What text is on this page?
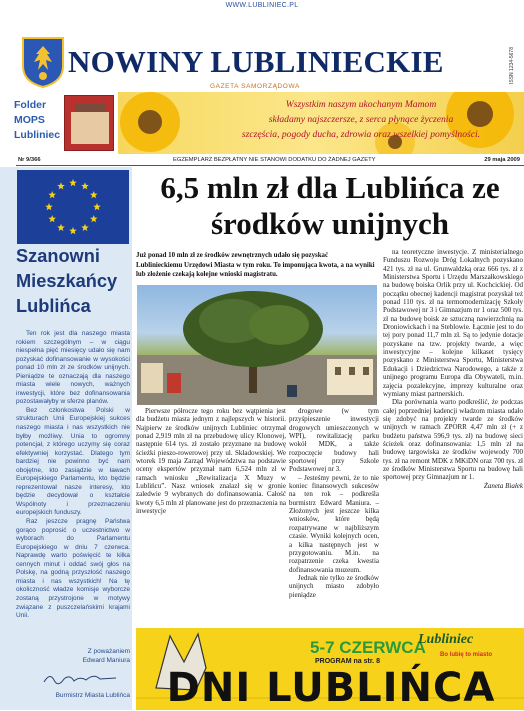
WWW.LUBLINIEC.PL
NOWINY LUBLINIECKIE	ISSN 1234-5678
GAZETA SAMORZĄDOWA
Folder
MOPS
Lubliniec
Wszystkim naszym ukochanym Mamom
składamy najszczersze, z serca płynące życzenia
szczęścia, pogody ducha, zdrowia oraz wszelkiej pomyślności.
Nr 9/366	EGZEMPLARZ BEZPŁATNY NIE STANOWI DODATKU DO ŻADNEJ GAZETY	29 maja 2009
Szanowni Mieszkańcy Lublińca

Ten rok jest dla naszego miasta rokiem szczególnym – w ciągu niespełna pięć miesięcy udało się nam pozyskać dofinansowanie w wysokości ponad 10 mln zł ze środków unijnych. Pieniądze te oznaczają dla naszego miasta wiele nowych, ważnych inwestycji, które bez dofinansowania pozostawałyby w sferze planów.

Bez członkostwa Polski w strukturach Unii Europejskiej sukces naszego miasta i nas wszystkich nie byłby możliwy. Unia to ogromny potencjał, z którego uczymy się coraz efektywniej korzystać. Dlatego tym bardziej nie powinno być nam obojętne, kto zasiądzie w ławach Europejskiego Parlamentu, kto będzie reprezentował nasze interesy, kto będzie decydował o kształcie Wspólnoty i przeznaczeniu europejskich funduszy.

Raz jeszcze pragnę Państwa gorąco poprosić o uczestnictwo w wyborach do Parlamentu Europejskiego w dniu 7 czerwca. Naprawdę warto poświęcić te kilka cennych minut i oddać swój głos na Polskę, na godną przyszłość naszego miasta i nas wszystkich! Na tę okoliczność władze komisje wyborcze zostaną przystrojone w motywy związane z puszczelańskimi krajami Unii.

Z poważaniem
Edward Maniura
Burmistrz Miasta Lublińca
6,5 mln zł dla Lublińca ze środków unijnych
Już ponad 10 mln zł ze środków zewnętrznych udało się pozyskać Lublinieckiemu Urzędowi Miasta w tym roku. To imponująca kwota, a na wyniki lub złożenie czekają kolejne wnioski magistratu.

Pierwsze półrocze tego roku bez wątpienia jest dla budżetu miasta jednym z najlepszych w historii. Najpierw ze środków unijnych Lubliniec otrzymał ponad 2,919 mln zł na przebudowę ulicy Klonowej, następnie 614 tys. zł zostało przyznane na budowę ścieżki pieszo-rowerowej przy ul. Składowskiej. We wtorek 19 maja Zarząd Województwa na podstawie oceny ekspertów przyznał nam 6,524 mln zł w ramach wniosku „Rewitalizacja X Muzy w Lublińcu”. Nasz wniosek znalazł się w gronie zaledwie 9 wybranych do dofinansowania. Całość kwoty 6,5 mln zł planowane jest do przeznaczenia na inwestycje

drogowe (w tym przyśpieszenie inwestycji drogowych umieszczonych w WPI), rewitalizację parku wokół MDK, a także rozpoczęcie budowy hali sportowej przy Szkole Podstawowej nr 3.

– Jesteśmy pewni, że to nie koniec finansowych sukcesów na ten rok – podkreśla burmistrz Edward Maniura. – Złożonych jest jeszcze kilka wniosków, które będą rozpatrywane w najbliższym czasie. Wyniki kolejnych ocen, a kilka następnych jest w przygotowaniu. M.in. na rozpatrzenie czeka kwestia dofinansowania muzeum.

Jednak nie tylko ze środków unijnych miasto zdobyło pieniądze

na teoretyczne inwestycje. Z ministerialnego Funduszu Rozwoju Dróg Lokalnych pozyskano 421 tys. zł na ul. Grunwaldzką oraz 666 tys. zł z Ministerstwa Sportu i Urzędu Marszałkowskiego na budowę boiska Orlik przy ul. Kochcickiej. Od początku obecnej kadencji magistrat pozyskał też ponad 110 tys. zł na termomodernizację Szkoły Podstawowej nr 3 i Gimnazjum nr 1 oraz 500 tys. zł na budowę boisk ze sztuczną nawierzchnią na Droniowickach i na Steblowie. Łącznie jest to do tej pory ponad 11,7 mln zł. Są to jedynie dotacje pozyskane na tzw. projekty twarde, a więc inwestycyjne – kolejne kilkaset tysięcy pozyskano z Ministerstwa Sportu, Ministerstwa Edukacji i Dziedzictwa Narodowego, a także z unijnego programu Europa dla Obywateli, m.in. zajęcia pozalekcyjne, imprezy kulturalne oraz wymiany miast partnerskich.

Dla porównania warto podkreślić, że podczas całej poprzedniej kadencji władzom miasta udało się zdobyć na projekty twarde ze środków unijnych w ramach ZPORR 4,47 mln zł (+ z budżetu państwa 596,9 tys. zł) na budowę sieci ścieżek oraz dofinansowania: 1,5 mln zł na budowę targowiska ze środków wojewody 700 tys. zł na remont MDK z MKiDN oraz 700 tys. zł ze środków Ministerstwa Sportu na budowę hali sportowej przy Gimnazjum nr 1.

Żaneta Białek

5-7 CZERWCA
PROGRAM na str. 8
Lubliniec
Bo lubię to miasto
DNI LUBLIŃCA
